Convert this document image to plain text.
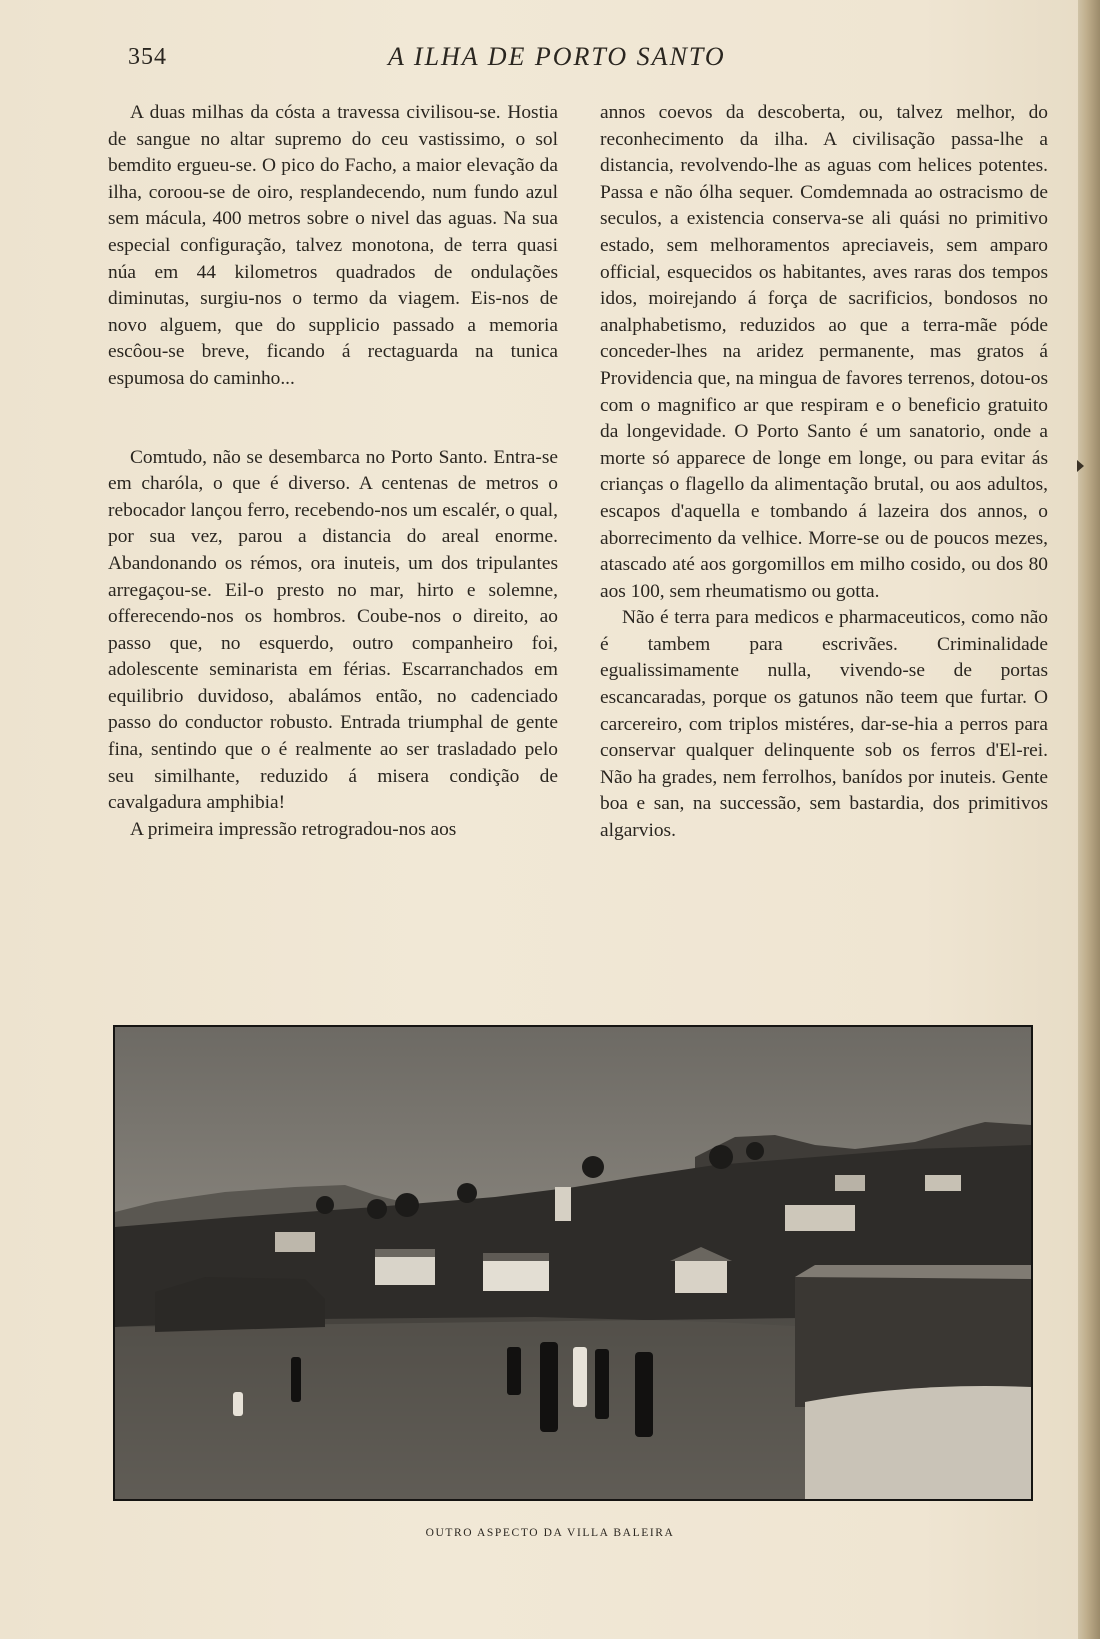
354	A ILHA DE PORTO SANTO

A duas milhas da cósta a travessa civilisou-se. Hostia de sangue no altar supremo do ceu vastissimo, o sol bemdito ergueu-se. O pico do Facho, a maior elevação da ilha, coroou-se de oiro, resplandecendo, num fundo azul sem mácula, 400 metros sobre o nivel das aguas. Na sua especial configuração, talvez monotona, de terra quasi núa em 44 kilometros quadrados de ondulações diminutas, surgiu-nos o termo da viagem. Eis-nos de novo alguem, que do supplicio passado a memoria escôou-se breve, ficando á rectaguarda na tunica espumosa do caminho...

Comtudo, não se desembarca no Porto Santo. Entra-se em charóla, o que é diverso. A centenas de metros o rebocador lançou ferro, recebendo-nos um escalér, o qual, por sua vez, parou a distancia do areal enorme. Abandonando os rémos, ora inuteis, um dos tripulantes arregaçou-se. Eil-o presto no mar, hirto e solemne, offerecendo-nos os hombros. Coube-nos o direito, ao passo que, no esquerdo, outro companheiro foi, adolescente seminarista em férias. Escarranchados em equilibrio duvidoso, abalámos então, no cadenciado passo do conductor robusto. Entrada triumphal de gente fina, sentindo que o é realmente ao ser trasladado pelo seu similhante, reduzido á misera condição de cavalgadura amphibia!

A primeira impressão retrogradou-nos aos

annos coevos da descoberta, ou, talvez melhor, do reconhecimento da ilha. A civilisação passa-lhe a distancia, revolvendo-lhe as aguas com helices potentes. Passa e não ólha sequer. Comdemnada ao ostracismo de seculos, a existencia conserva-se ali quási no primitivo estado, sem melhoramentos apreciaveis, sem amparo official, esquecidos os habitantes, aves raras dos tempos idos, moirejando á força de sacrificios, bondosos no analphabetismo, reduzidos ao que a terra-mãe póde conceder-lhes na aridez permanente, mas gratos á Providencia que, na mingua de favores terrenos, dotou-os com o magnifico ar que respiram e o beneficio gratuito da longevidade. O Porto Santo é um sanatorio, onde a morte só apparece de longe em longe, ou para evitar ás crianças o flagello da alimentação brutal, ou aos adultos, escapos d'aquella e tombando á lazeira dos annos, o aborrecimento da velhice. Morre-se ou de poucos mezes, atascado até aos gorgomillos em milho cosido, ou dos 80 aos 100, sem rheumatismo ou gotta.

Não é terra para medicos e pharmaceuticos, como não é tambem para escrivães. Criminalidade egualissimamente nulla, vivendo-se de portas escancaradas, porque os gatunos não teem que furtar. O carcereiro, com triplos mistéres, dar-se-hia a perros para conservar qualquer delinquente sob os ferros d'El-rei. Não ha grades, nem ferrolhos, banídos por inuteis. Gente boa e san, na successão, sem bastardia, dos primitivos algarvios.

OUTRO ASPECTO DA VILLA BALEIRA
